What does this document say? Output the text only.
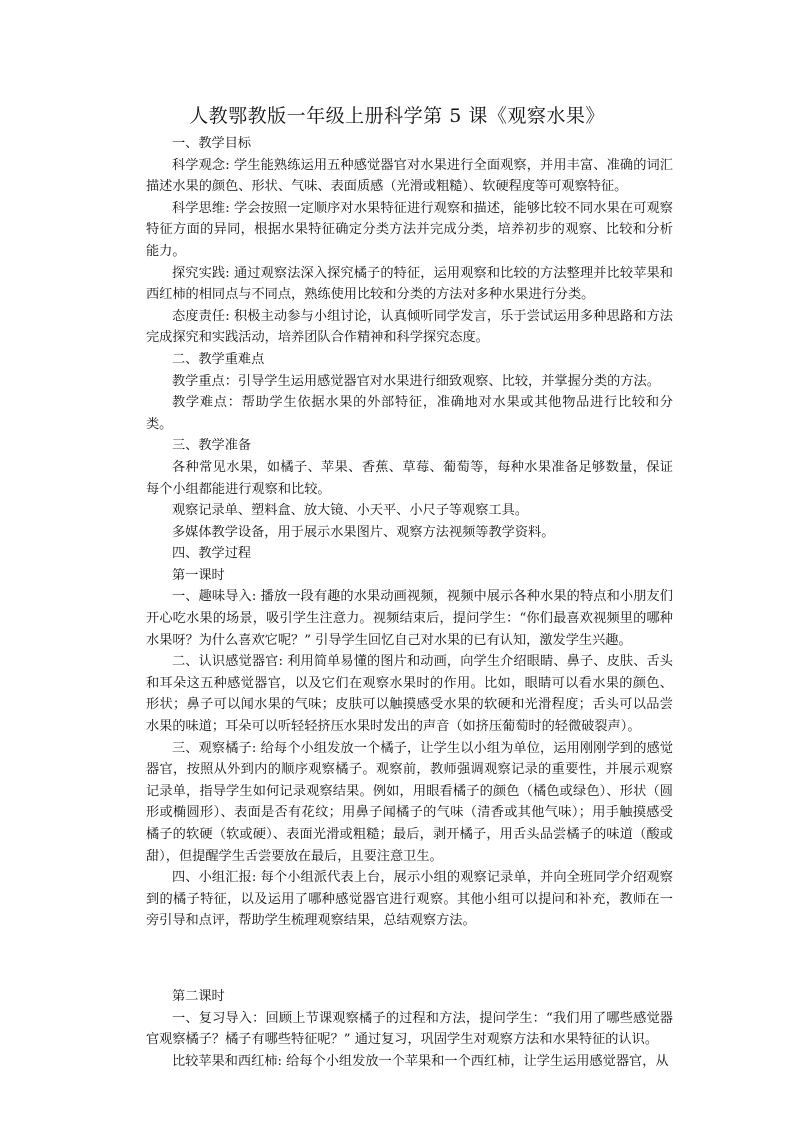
人教鄂教版一年级上册科学第 5 课《观察水果》

一、教学目标

科学观念: 学生能熟练运用五种感觉器官对水果进行全面观察，并用丰富、准确的词汇描述水果的颜色、形状、气味、表面质感（光滑或粗糙）、软硬程度等可观察特征。

科学思维: 学会按照一定顺序对水果特征进行观察和描述，能够比较不同水果在可观察特征方面的异同，根据水果特征确定分类方法并完成分类，培养初步的观察、比较和分析能力。

探究实践: 通过观察法深入探究橘子的特征，运用观察和比较的方法整理并比较苹果和西红柿的相同点与不同点，熟练使用比较和分类的方法对多种水果进行分类。

态度责任: 积极主动参与小组讨论，认真倾听同学发言，乐于尝试运用多种思路和方法完成探究和实践活动，培养团队合作精神和科学探究态度。

二、教学重难点

教学重点：引导学生运用感觉器官对水果进行细致观察、比较，并掌握分类的方法。

教学难点：帮助学生依据水果的外部特征，准确地对水果或其他物品进行比较和分类。

三、教学准备

各种常见水果，如橘子、苹果、香蕉、草莓、葡萄等，每种水果准备足够数量，保证每个小组都能进行观察和比较。

观察记录单、塑料盒、放大镜、小天平、小尺子等观察工具。

多媒体教学设备，用于展示水果图片、观察方法视频等教学资料。

四、教学过程

第一课时

一、趣味导入: 播放一段有趣的水果动画视频，视频中展示各种水果的特点和小朋友们开心吃水果的场景，吸引学生注意力。视频结束后，提问学生：“你们最喜欢视频里的哪种水果呀？为什么喜欢它呢？” 引导学生回忆自己对水果的已有认知，激发学生兴趣。

二、认识感觉器官: 利用简单易懂的图片和动画，向学生介绍眼睛、鼻子、皮肤、舌头和耳朵这五种感觉器官，以及它们在观察水果时的作用。比如，眼睛可以看水果的颜色、形状；鼻子可以闻水果的气味；皮肤可以触摸感受水果的软硬和光滑程度；舌头可以品尝水果的味道；耳朵可以听轻轻挤压水果时发出的声音（如挤压葡萄时的轻微破裂声）。

三、观察橘子: 给每个小组发放一个橘子，让学生以小组为单位，运用刚刚学到的感觉器官，按照从外到内的顺序观察橘子。观察前，教师强调观察记录的重要性，并展示观察记录单，指导学生如何记录观察结果。例如，用眼看橘子的颜色（橘色或绿色）、形状（圆形或椭圆形）、表面是否有花纹；用鼻子闻橘子的气味（清香或其他气味）；用手触摸感受橘子的软硬（软或硬）、表面光滑或粗糙；最后，剥开橘子，用舌头品尝橘子的味道（酸或甜），但提醒学生舌尝要放在最后，且要注意卫生。

四、小组汇报: 每个小组派代表上台，展示小组的观察记录单，并向全班同学介绍观察到的橘子特征，以及运用了哪种感觉器官进行观察。其他小组可以提问和补充，教师在一旁引导和点评，帮助学生梳理观察结果，总结观察方法。

第二课时

一、复习导入：回顾上节课观察橘子的过程和方法，提问学生：“我们用了哪些感觉器官观察橘子？橘子有哪些特征呢？” 通过复习，巩固学生对观察方法和水果特征的认识。

比较苹果和西红柿: 给每个小组发放一个苹果和一个西红柿，让学生运用感觉器官，从
